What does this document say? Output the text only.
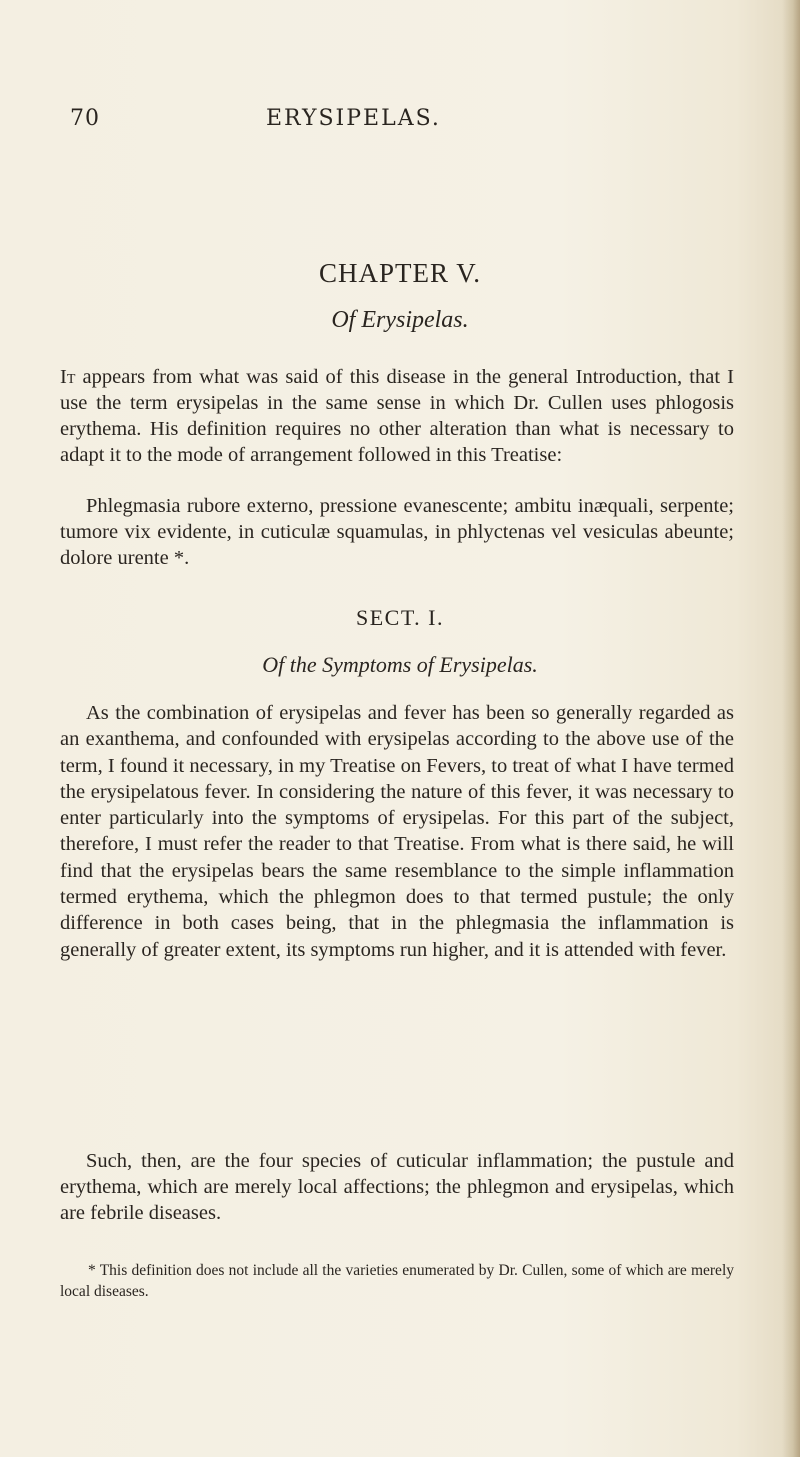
70	ERYSIPELAS.
CHAPTER V.
Of Erysipelas.

It appears from what was said of this disease in the general Introduction, that I use the term erysipelas in the same sense in which Dr. Cullen uses phlogosis erythema. His definition requires no other alteration than what is necessary to adapt it to the mode of arrangement followed in this Treatise:

Phlegmasia rubore externo, pressione evanescente; ambitu inæquali, serpente; tumore vix evidente, in cuticulæ squamulas, in phlyctenas vel vesiculas abeunte; dolore urente *.

SECT. I.
Of the Symptoms of Erysipelas.

As the combination of erysipelas and fever has been so generally regarded as an exanthema, and confounded with erysipelas according to the above use of the term, I found it necessary, in my Treatise on Fevers, to treat of what I have termed the erysipelatous fever. In considering the nature of this fever, it was necessary to enter particularly into the symptoms of erysipelas. For this part of the subject, therefore, I must refer the reader to that Treatise. From what is there said, he will find that the erysipelas bears the same resemblance to the simple inflammation termed erythema, which the phlegmon does to that termed pustule; the only difference in both cases being, that in the phlegmasia the inflammation is generally of greater extent, its symptoms run higher, and it is attended with fever.

Such, then, are the four species of cuticular inflammation; the pustule and erythema, which are merely local affections; the phlegmon and erysipelas, which are febrile diseases.

* This definition does not include all the varieties enumerated by Dr. Cullen, some of which are merely local diseases.
